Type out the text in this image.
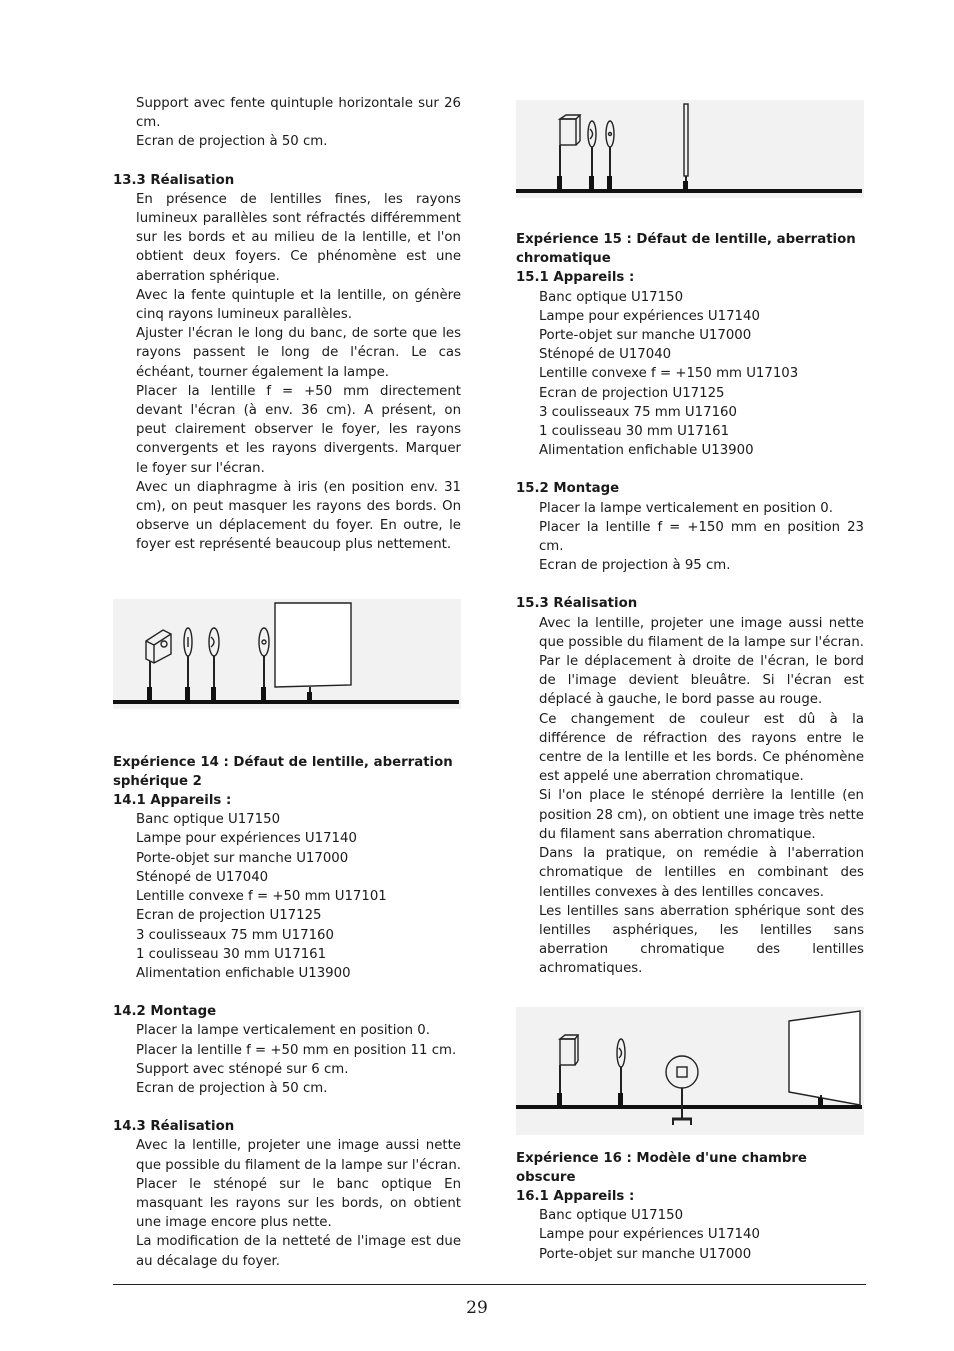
Support avec fente quintuple horizontale sur 26 cm.

Ecran de projection à 50 cm.

13.3 Réalisation

En présence de lentilles fines, les rayons lumineux parallèles sont réfractés différemment sur les bords et au milieu de la lentille, et l'on obtient deux foyers. Ce phénomène est une aberration sphérique.

Avec la fente quintuple et la lentille, on génère cinq rayons lumineux parallèles.

Ajuster l'écran le long du banc, de sorte que les rayons passent le long de l'écran. Le cas échéant, tourner également la lampe.

Placer la lentille f = +50 mm directement devant l'écran (à env. 36 cm). A présent, on peut clairement observer le foyer, les rayons convergents et les rayons divergents. Marquer le foyer sur l'écran.

Avec un diaphragme à iris (en position env. 31 cm), on peut masquer les rayons des bords. On observe un déplacement du foyer. En outre, le foyer est représenté beaucoup plus nettement.

Expérience 14 : Défaut de lentille, aberration sphérique 2

14.1 Appareils :

Banc optique U17150

Lampe pour expériences U17140

Porte-objet sur manche U17000

Sténopé de U17040

Lentille convexe f = +50 mm U17101

Ecran de projection U17125

3 coulisseaux 75 mm U17160

1 coulisseau 30 mm U17161

Alimentation enfichable U13900

14.2 Montage

Placer la lampe verticalement en position 0.

Placer la lentille f = +50 mm en position 11 cm.

Support avec sténopé sur 6 cm.

Ecran de projection à 50 cm.

14.3 Réalisation

Avec la lentille, projeter une image aussi nette que possible du filament de la lampe sur l'écran.

Placer le sténopé sur le banc optique En masquant les rayons sur les bords, on obtient une image encore plus nette.

La modification de la netteté de l'image est due au décalage du foyer.

Expérience 15 : Défaut de lentille, aberration chromatique

15.1 Appareils :

Banc optique U17150

Lampe pour expériences U17140

Porte-objet sur manche U17000

Sténopé de U17040

Lentille convexe f = +150 mm U17103

Ecran de projection U17125

3 coulisseaux 75 mm U17160

1 coulisseau 30 mm U17161

Alimentation enfichable U13900

15.2 Montage

Placer la lampe verticalement en position 0.

Placer la lentille f = +150 mm en position 23 cm.

Ecran de projection à 95 cm.

15.3 Réalisation

Avec la lentille, projeter une image aussi nette que possible du filament de la lampe sur l'écran.

Par le déplacement à droite de l'écran, le bord de l'image devient bleuâtre. Si l'écran est déplacé à gauche, le bord passe au rouge.

Ce changement de couleur est dû à la différence de réfraction des rayons entre le centre de la lentille et les bords. Ce phénomène est appelé une aberration chromatique.

Si l'on place le sténopé derrière la lentille (en position 28 cm), on obtient une image très nette du filament sans aberration chromatique.

Dans la pratique, on remédie à l'aberration chromatique de lentilles en combinant des lentilles convexes à des lentilles concaves.

Les lentilles sans aberration sphérique sont des lentilles asphériques, les lentilles sans aberration chromatique des lentilles achromatiques.

Expérience 16 : Modèle d'une chambre obscure

16.1 Appareils :

Banc optique U17150

Lampe pour expériences U17140

Porte-objet sur manche U17000

29
